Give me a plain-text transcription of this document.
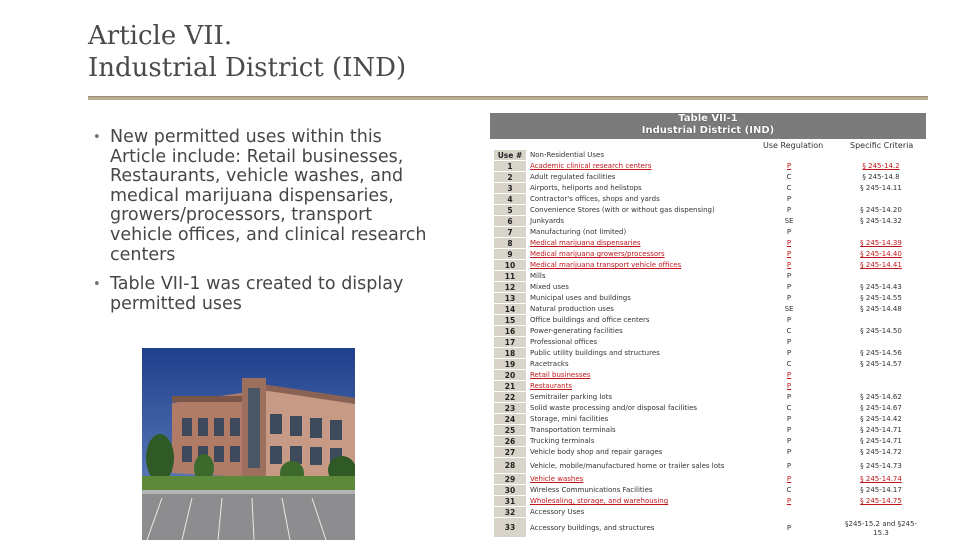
Article VII.
Industrial District (IND)
• New permitted uses within this Article include: Retail businesses, Restaurants, vehicle washes, and medical marijuana dispensaries, growers/processors, transport vehicle offices, and clinical research centers
• Table VII-1 was created to display permitted uses
Table VII-1
Industrial District (IND)
Use Regulation	Specific Criteria
Use #	Non-Residential Uses
1	Academic clinical research centers	P	§ 245-14.2
2	Adult regulated facilities	C	§ 245-14.8
3	Airports, heliports and helistops	C	§ 245-14.11
4	Contractor's offices, shops and yards	P
5	Convenience Stores (with or without gas dispensing)	P	§ 245-14.20
6	Junkyards	SE	§ 245-14.32
7	Manufacturing (not limited)	P
8	Medical marijuana dispensaries	P	§ 245-14.39
9	Medical marijuana growers/processors	P	§ 245-14.40
10	Medical marijuana transport vehicle offices	P	§ 245-14.41
11	Mills	P
12	Mixed uses	P	§ 245-14.43
13	Municipal uses and buildings	P	§ 245-14.55
14	Natural production uses	SE	§ 245-14.48
15	Office buildings and office centers	P
16	Power-generating facilities	C	§ 245-14.50
17	Professional offices	P
18	Public utility buildings and structures	P	§ 245-14.56
19	Racetracks	C	§ 245-14.57
20	Retail businesses	P
21	Restaurants	P
22	Semitrailer parking lots	P	§ 245-14.62
23	Solid waste processing and/or disposal facilities	C	§ 245-14.67
24	Storage, mini facilities	P	§ 245-14.42
25	Transportation terminals	P	§ 245-14.71
26	Trucking terminals	P	§ 245-14.71
27	Vehicle body shop and repair garages	P	§ 245-14.72
28	Vehicle, mobile/manufactured home or trailer sales lots	P	§ 245-14.73
29	Vehicle washes	P	§ 245-14.74
30	Wireless Communications Facilities	C	§ 245-14.17
31	Wholesaling, storage, and warehousing	P	§ 245-14.75
32	Accessory Uses
33	Accessory buildings, and structures	P	§245-15.2 and §245-15.3
